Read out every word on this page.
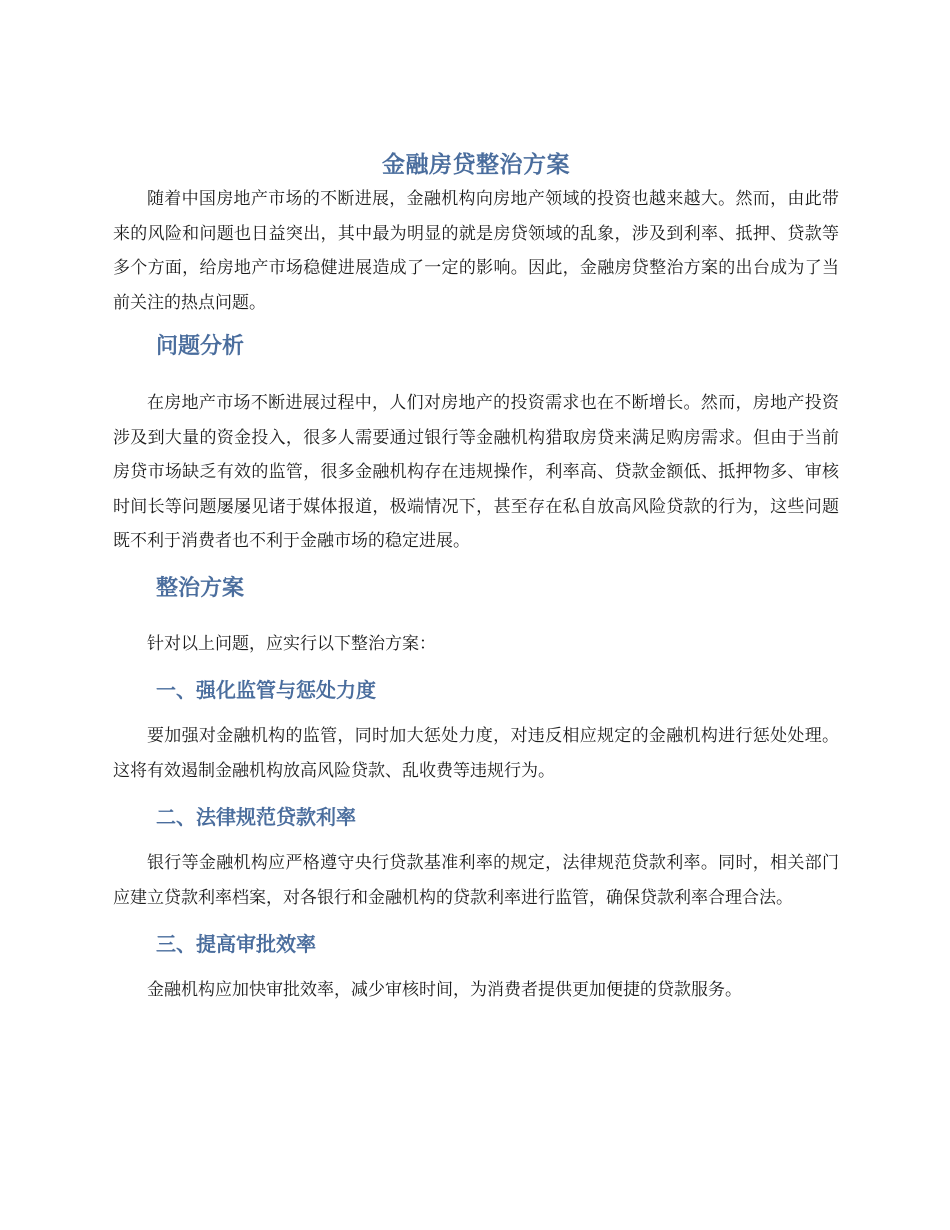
金融房贷整治方案

随着中国房地产市场的不断进展，金融机构向房地产领域的投资也越来越大。然而，由此带来的风险和问题也日益突出，其中最为明显的就是房贷领域的乱象，涉及到利率、抵押、贷款等多个方面，给房地产市场稳健进展造成了一定的影响。因此，金融房贷整治方案的出台成为了当前关注的热点问题。

问题分析

在房地产市场不断进展过程中，人们对房地产的投资需求也在不断增长。然而，房地产投资涉及到大量的资金投入，很多人需要通过银行等金融机构猎取房贷来满足购房需求。但由于当前房贷市场缺乏有效的监管，很多金融机构存在违规操作，利率高、贷款金额低、抵押物多、审核时间长等问题屡屡见诸于媒体报道，极端情况下，甚至存在私自放高风险贷款的行为，这些问题既不利于消费者也不利于金融市场的稳定进展。

整治方案

针对以上问题，应实行以下整治方案：

一、强化监管与惩处力度

要加强对金融机构的监管，同时加大惩处力度，对违反相应规定的金融机构进行惩处处理。这将有效遏制金融机构放高风险贷款、乱收费等违规行为。

二、法律规范贷款利率

银行等金融机构应严格遵守央行贷款基准利率的规定，法律规范贷款利率。同时，相关部门应建立贷款利率档案，对各银行和金融机构的贷款利率进行监管，确保贷款利率合理合法。

三、提高审批效率

金融机构应加快审批效率，减少审核时间，为消费者提供更加便捷的贷款服务。
